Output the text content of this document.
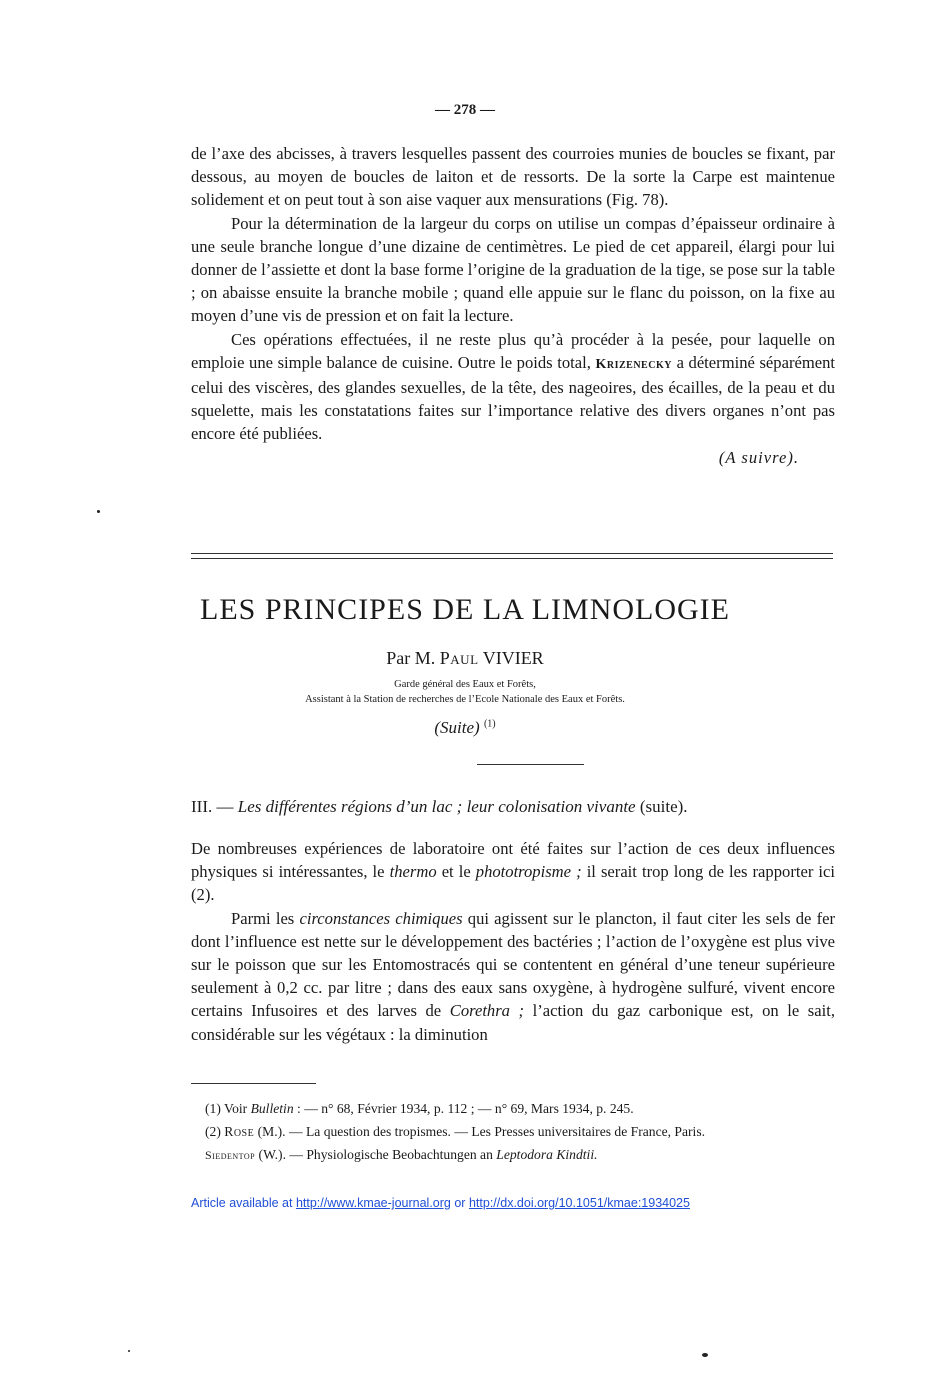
— 278 —

de l’axe des abcisses, à travers lesquelles passent des courroies munies de boucles se fixant, par dessous, au moyen de boucles de laiton et de ressorts. De la sorte la Carpe est maintenue solidement et on peut tout à son aise vaquer aux mensurations (Fig. 78).

Pour la détermination de la largeur du corps on utilise un compas d’épaisseur ordinaire à une seule branche longue d’une dizaine de centimètres. Le pied de cet appareil, élargi pour lui donner de l’assiette et dont la base forme l’origine de la graduation de la tige, se pose sur la table ; on abaisse ensuite la branche mobile ; quand elle appuie sur le flanc du poisson, on la fixe au moyen d’une vis de pression et on fait la lecture.

Ces opérations effectuées, il ne reste plus qu’à procéder à la pesée, pour laquelle on emploie une simple balance de cuisine. Outre le poids total, Krizenecky a déterminé séparément celui des viscères, des glandes sexuelles, de la tête, des nageoires, des écailles, de la peau et du squelette, mais les constatations faites sur l’importance relative des divers organes n’ont pas encore été publiées.

(A suivre).
LES PRINCIPES DE LA LIMNOLOGIE
Par M. Paul VIVIER
Garde général des Eaux et Forêts,
Assistant à la Station de recherches de l’Ecole Nationale des Eaux et Forêts.
(Suite) $^{(1)}$
III. — Les différentes régions d’un lac ; leur colonisation vivante (suite).

De nombreuses expériences de laboratoire ont été faites sur l’action de ces deux influences physiques si intéressantes, le thermo et le phototropisme ; il serait trop long de les rapporter ici (2).

Parmi les circonstances chimiques qui agissent sur le plancton, il faut citer les sels de fer dont l’influence est nette sur le développement des bactéries ; l’action de l’oxygène est plus vive sur le poisson que sur les Entomostracés qui se contentent en général d’une teneur supérieure seulement à 0,2 cc. par litre ; dans des eaux sans oxygène, à hydrogène sulfuré, vivent encore certains Infusoires et des larves de Corethra ; l’action du gaz carbonique est, on le sait, considérable sur les végétaux : la diminution

(1) Voir Bulletin : — n° 68, Février 1934, p. 112 ; — n° 69, Mars 1934, p. 245.

(2) Rose (M.). — La question des tropismes. — Les Presses universitaires de France, Paris.

Siedentop (W.). — Physiologische Beobachtungen an Leptodora Kindtii.

Article available at http://www.kmae-journal.org or http://dx.doi.org/10.1051/kmae:1934025
